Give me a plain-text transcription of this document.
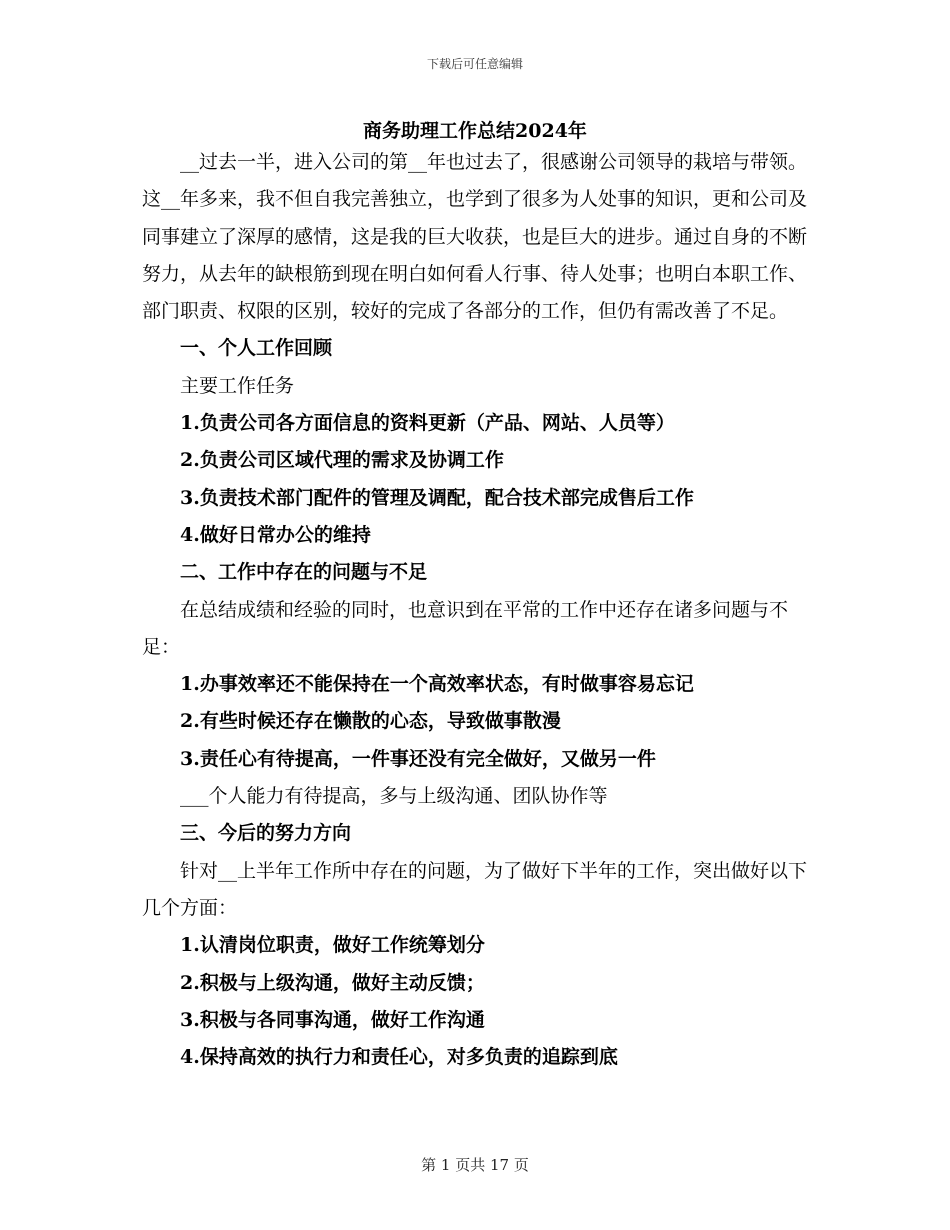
下载后可任意编辑
商务助理工作总结2024年

__过去一半，进入公司的第__年也过去了，很感谢公司领导的栽培与带领。这__年多来，我不但自我完善独立，也学到了很多为人处事的知识，更和公司及同事建立了深厚的感情，这是我的巨大收获，也是巨大的进步。通过自身的不断努力，从去年的缺根筋到现在明白如何看人行事、待人处事；也明白本职工作、部门职责、权限的区别，较好的完成了各部分的工作，但仍有需改善了不足。

一、个人工作回顾

主要工作任务

1.负责公司各方面信息的资料更新（产品、网站、人员等）

2.负责公司区域代理的需求及协调工作

3.负责技术部门配件的管理及调配，配合技术部完成售后工作

4.做好日常办公的维持

二、工作中存在的问题与不足

在总结成绩和经验的同时，也意识到在平常的工作中还存在诸多问题与不足：

1.办事效率还不能保持在一个高效率状态，有时做事容易忘记

2.有些时候还存在懒散的心态，导致做事散漫

3.责任心有待提高，一件事还没有完全做好，又做另一件

___个人能力有待提高，多与上级沟通、团队协作等

三、今后的努力方向

针对__上半年工作所中存在的问题，为了做好下半年的工作，突出做好以下几个方面：

1.认清岗位职责，做好工作统筹划分

2.积极与上级沟通，做好主动反馈；

3.积极与各同事沟通，做好工作沟通

4.保持高效的执行力和责任心，对多负责的追踪到底

第 1 页共 17 页
